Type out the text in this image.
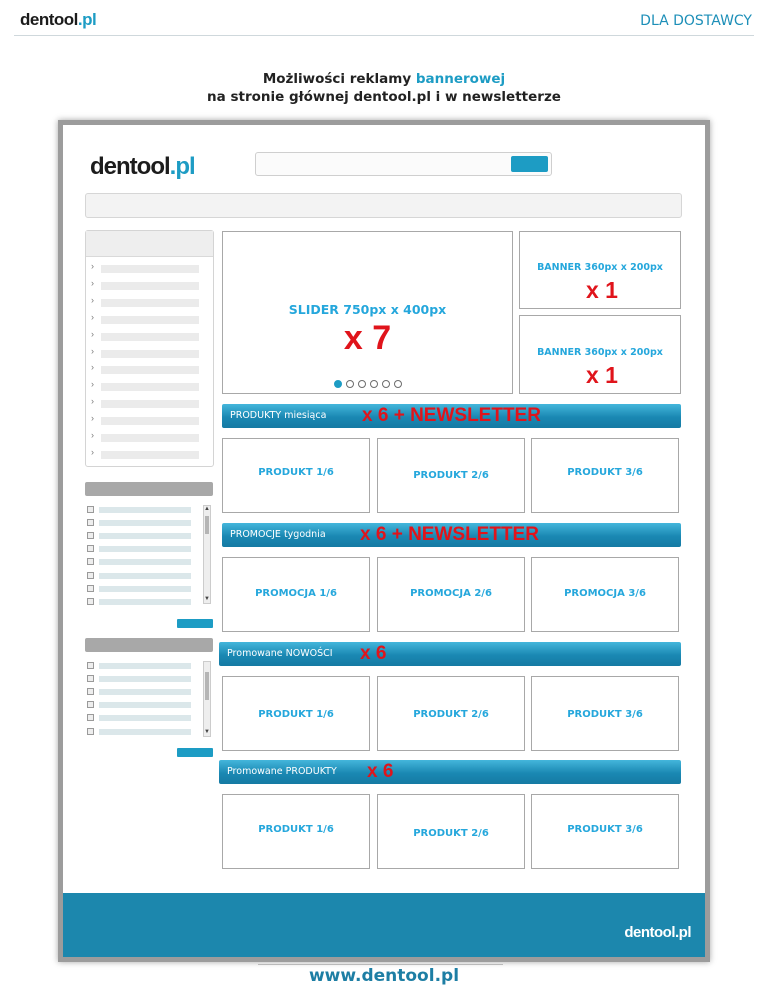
dentool.pl	DLA DOSTAWCY
Możliwości reklamy bannerowej
na stronie głównej dentool.pl i w newsletterze
dentool.pl
›
›
›
›
›
›
›
›
›
›
›
›
▲
▼
▼
SLIDER 750px x 400px
x 7
BANNER 360px x 200px
x 1
BANNER 360px x 200px
x 1
PRODUKTY miesiąca x 6 + NEWSLETTER
PRODUKT 1/6	PRODUKT 2/6	PRODUKT 3/6
PROMOCJE tygodnia x 6 + NEWSLETTER
PROMOCJA 1/6	PROMOCJA 2/6	PROMOCJA 3/6
Promowane NOWOŚCI x 6
PRODUKT 1/6	PRODUKT 2/6	PRODUKT 3/6
Promowane PRODUKTY x 6
PRODUKT 1/6	PRODUKT 2/6	PRODUKT 3/6
dentool.pl
www.dentool.pl
